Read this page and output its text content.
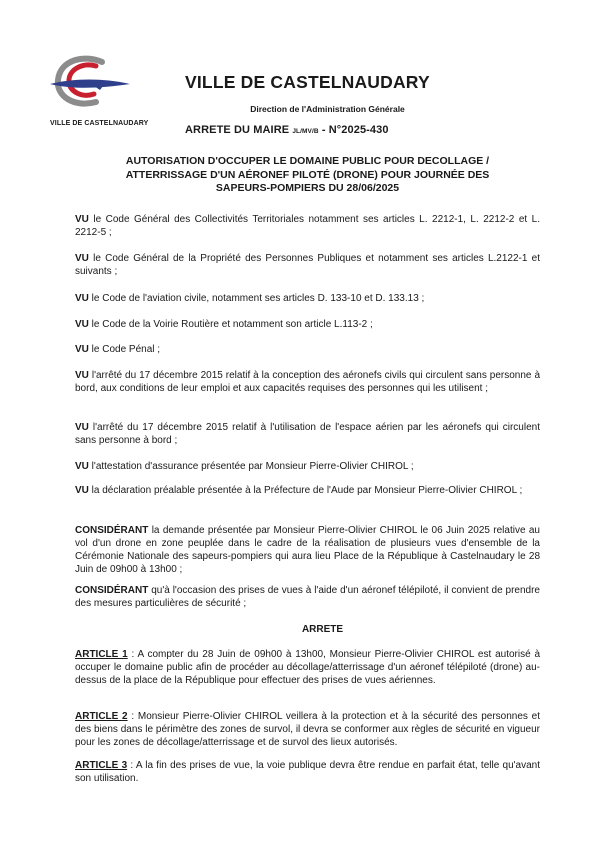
VILLE DE CASTELNAUDARY
VILLE DE CASTELNAUDARY
Direction de l'Administration Générale
ARRETE DU MAIRE JL/MV/B - N°2025-430
AUTORISATION D'OCCUPER LE DOMAINE PUBLIC POUR DECOLLAGE /
ATTERRISSAGE D'UN AÉRONEF PILOTÉ (DRONE) POUR JOURNÉE DES
SAPEURS-POMPIERS DU 28/06/2025
VU le Code Général des Collectivités Territoriales notamment ses articles L. 2212-1, L. 2212-2 et L. 2212-5 ;
VU le Code Général de la Propriété des Personnes Publiques et notamment ses articles L.2122-1 et suivants ;
VU le Code de l'aviation civile, notamment ses articles D. 133-10 et D. 133.13 ;
VU le Code de la Voirie Routière et notamment son article L.113-2 ;
VU le Code Pénal ;
VU l'arrêté du 17 décembre 2015 relatif à la conception des aéronefs civils qui circulent sans personne à bord, aux conditions de leur emploi et aux capacités requises des personnes qui les utilisent ;
VU l'arrêté du 17 décembre 2015 relatif à l'utilisation de l'espace aérien par les aéronefs qui circulent sans personne à bord ;
VU l'attestation d'assurance présentée par Monsieur Pierre-Olivier CHIROL ;
VU la déclaration préalable présentée à la Préfecture de l'Aude par Monsieur Pierre-Olivier CHIROL ;
CONSIDÉRANT la demande présentée par Monsieur Pierre-Olivier CHIROL le 06 Juin 2025 relative au vol d'un drone en zone peuplée dans le cadre de la réalisation de plusieurs vues d'ensemble de la Cérémonie Nationale des sapeurs-pompiers qui aura lieu Place de la République à Castelnaudary le 28 Juin de 09h00 à 13h00 ;
CONSIDÉRANT qu'à l'occasion des prises de vues à l'aide d'un aéronef télépiloté, il convient de prendre des mesures particulières de sécurité ;
ARRETE
ARTICLE 1 : A compter du 28 Juin de 09h00 à 13h00, Monsieur Pierre-Olivier CHIROL est autorisé à occuper le domaine public afin de procéder au décollage/atterrissage d'un aéronef télépiloté (drone) au-dessus de la place de la République pour effectuer des prises de vues aériennes.
ARTICLE 2 : Monsieur Pierre-Olivier CHIROL veillera à la protection et à la sécurité des personnes et des biens dans le périmètre des zones de survol, il devra se conformer aux règles de sécurité en vigueur pour les zones de décollage/atterrissage et de survol des lieux autorisés.
ARTICLE 3 : A la fin des prises de vue, la voie publique devra être rendue en parfait état, telle qu'avant son utilisation.
